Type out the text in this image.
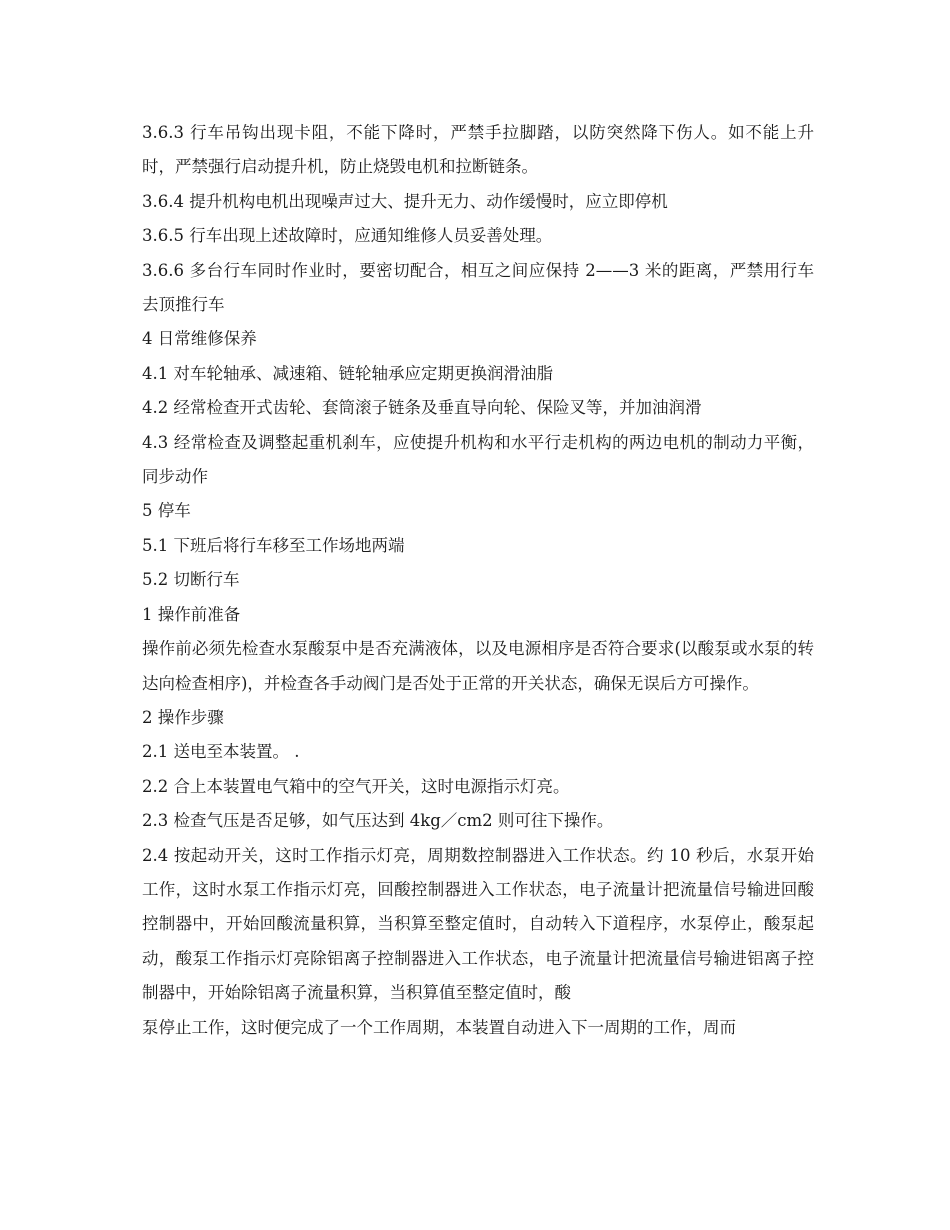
3.6.3 行车吊钩出现卡阻，不能下降时，严禁手拉脚踏，以防突然降下伤人。如不能上升时，严禁强行启动提升机，防止烧毁电机和拉断链条。

3.6.4 提升机构电机出现噪声过大、提升无力、动作缓慢时，应立即停机

3.6.5 行车出现上述故障时，应通知维修人员妥善处理。

3.6.6 多台行车同时作业时，要密切配合，相互之间应保持 2——3 米的距离，严禁用行车去顶推行车

4 日常维修保养

4.1 对车轮轴承、减速箱、链轮轴承应定期更换润滑油脂

4.2 经常检查开式齿轮、套筒滚子链条及垂直导向轮、保险叉等，并加油润滑

4.3 经常检查及调整起重机刹车，应使提升机构和水平行走机构的两边电机的制动力平衡，同步动作

5 停车

5.1 下班后将行车移至工作场地两端

5.2 切断行车

1 操作前准备

操作前必须先检查水泵酸泵中是否充满液体，以及电源相序是否符合要求(以酸泵或水泵的转达向检查相序)，并检查各手动阀门是否处于正常的开关状态，确保无误后方可操作。

2 操作步骤

2.1 送电至本装置。 .

2.2 合上本装置电气箱中的空气开关，这时电源指示灯亮。

2.3 检查气压是否足够，如气压达到 4kg／cm2 则可往下操作。

2.4 按起动开关，这时工作指示灯亮，周期数控制器进入工作状态。约 10 秒后，水泵开始工作，这时水泵工作指示灯亮，回酸控制器进入工作状态，电子流量计把流量信号输进回酸控制器中，开始回酸流量积算，当积算至整定值时，自动转入下道程序，水泵停止，酸泵起动，酸泵工作指示灯亮除铝离子控制器进入工作状态，电子流量计把流量信号输进铝离子控制器中，开始除铝离子流量积算，当积算值至整定值时，酸

泵停止工作，这时便完成了一个工作周期，本装置自动进入下一周期的工作，周而
